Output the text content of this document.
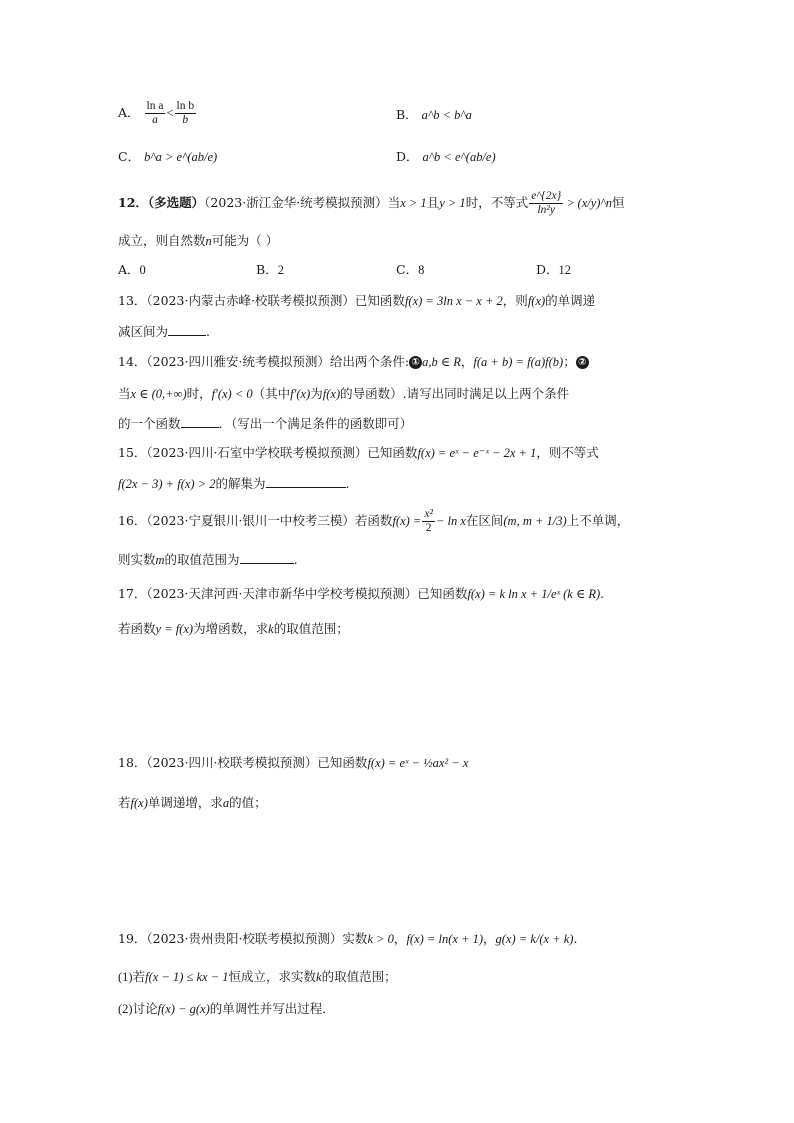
A． $\frac{\text{ln a}}{a} < \frac{\text{ln b}}{b}$	B． a^b < b^a
C． b^a > e^(ab/e)	D． a^b < e^(ab/e)
12．（多选题）（2023·浙江金华·统考模拟预测）当x > 1且y > 1时，不等式 $\frac{e\^{}\{2x\}}{\text{ln²y}}$ > (x/y)^n恒
成立，则自然数n可能为（ ）
A．0	B．2	C．8	D．12
13．（2023·内蒙古赤峰·校联考模拟预测）已知函数f(x) = 3ln x − x + 2，则f(x)的单调递
减区间为	.
14．（2023·四川雅安·统考模拟预测）给出两个条件: ① a,b ∈ R，f(a + b) = f(a)f(b)； ②
当x ∈ (0,+∞)时，f′(x) < 0（其中f′(x)为f(x)的导函数）.请写出同时满足以上两个条件
的一个函数	．（写出一个满足条件的函数即可）
15．（2023·四川·石室中学校联考模拟预测）已知函数f(x) = eˣ − e⁻ˣ − 2x + 1，则不等式
f(2x − 3) + f(x) > 2的解集为	.
16．（2023·宁夏银川·银川一中校考三模）若函数$f(x) = \frac{\text{x²}}{2} - \ln x$在区间(m, m + 1/3)上不单调，
则实数m的取值范围为	.
17．（2023·天津河西·天津市新华中学校考模拟预测）已知函数f(x) = k ln x + 1/eˣ (k ∈ R).
若函数y = f(x)为增函数，求k的取值范围；
18．（2023·四川·校联考模拟预测）已知函数f(x) = eˣ − ½ax² − x
若f(x)单调递增，求a的值；
19．（2023·贵州贵阳·校联考模拟预测）实数k > 0，f(x) = ln(x + 1)，g(x) = k/(x + k).
(1)若f(x − 1) ≤ kx − 1恒成立，求实数k的取值范围；
(2)讨论f(x) − g(x)的单调性并写出过程．
